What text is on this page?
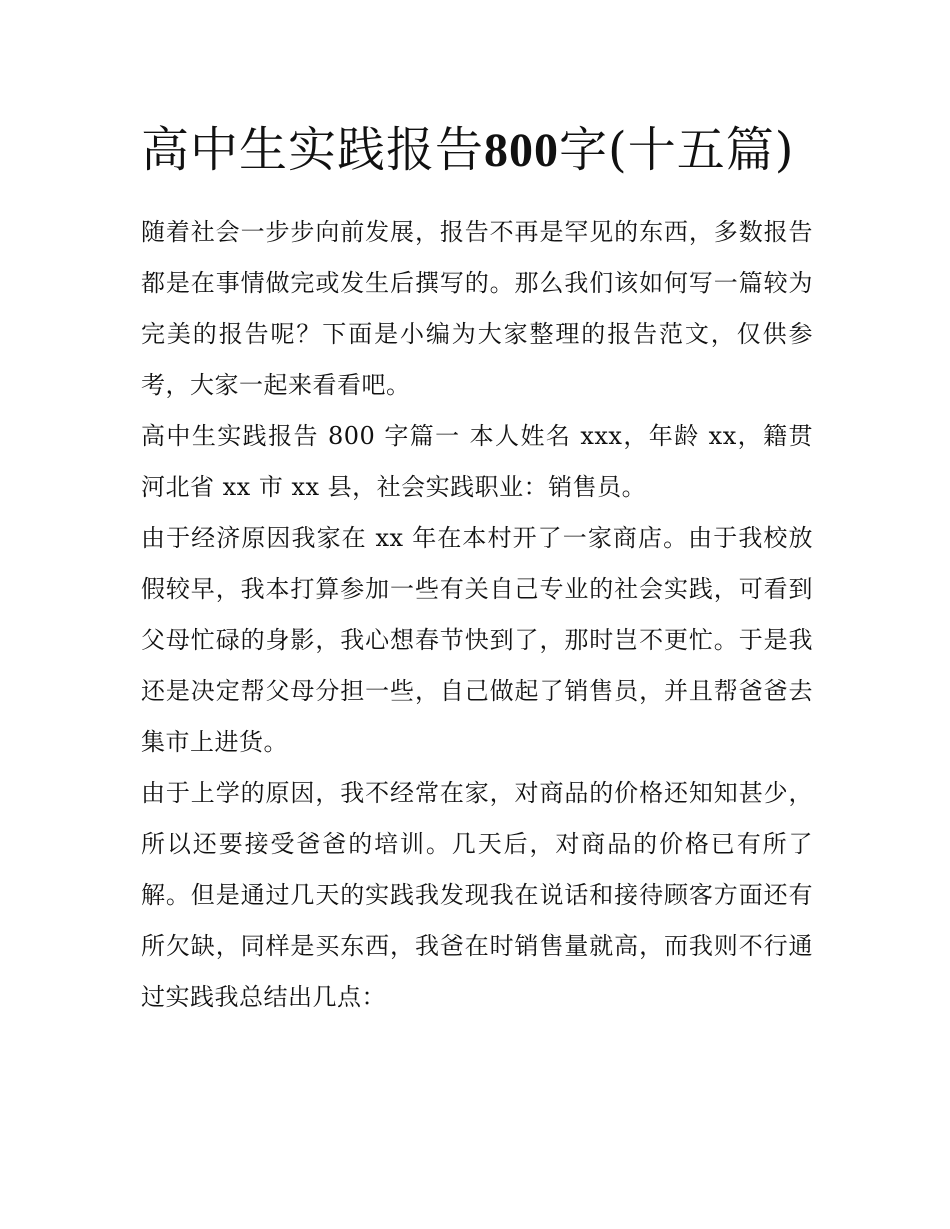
高中生实践报告800字(十五篇)

随着社会一步步向前发展，报告不再是罕见的东西，多数报告都是在事情做完或发生后撰写的。那么我们该如何写一篇较为完美的报告呢？下面是小编为大家整理的报告范文，仅供参考，大家一起来看看吧。

高中生实践报告 800 字篇一 本人姓名 xxx，年龄 xx，籍贯河北省 xx 市 xx 县，社会实践职业：销售员。

由于经济原因我家在 xx 年在本村开了一家商店。由于我校放假较早，我本打算参加一些有关自己专业的社会实践，可看到父母忙碌的身影，我心想春节快到了，那时岂不更忙。于是我还是决定帮父母分担一些，自己做起了销售员，并且帮爸爸去集市上进货。

由于上学的原因，我不经常在家，对商品的价格还知知甚少，所以还要接受爸爸的培训。几天后，对商品的价格已有所了解。但是通过几天的实践我发现我在说话和接待顾客方面还有所欠缺，同样是买东西，我爸在时销售量就高，而我则不行通过实践我总结出几点：
